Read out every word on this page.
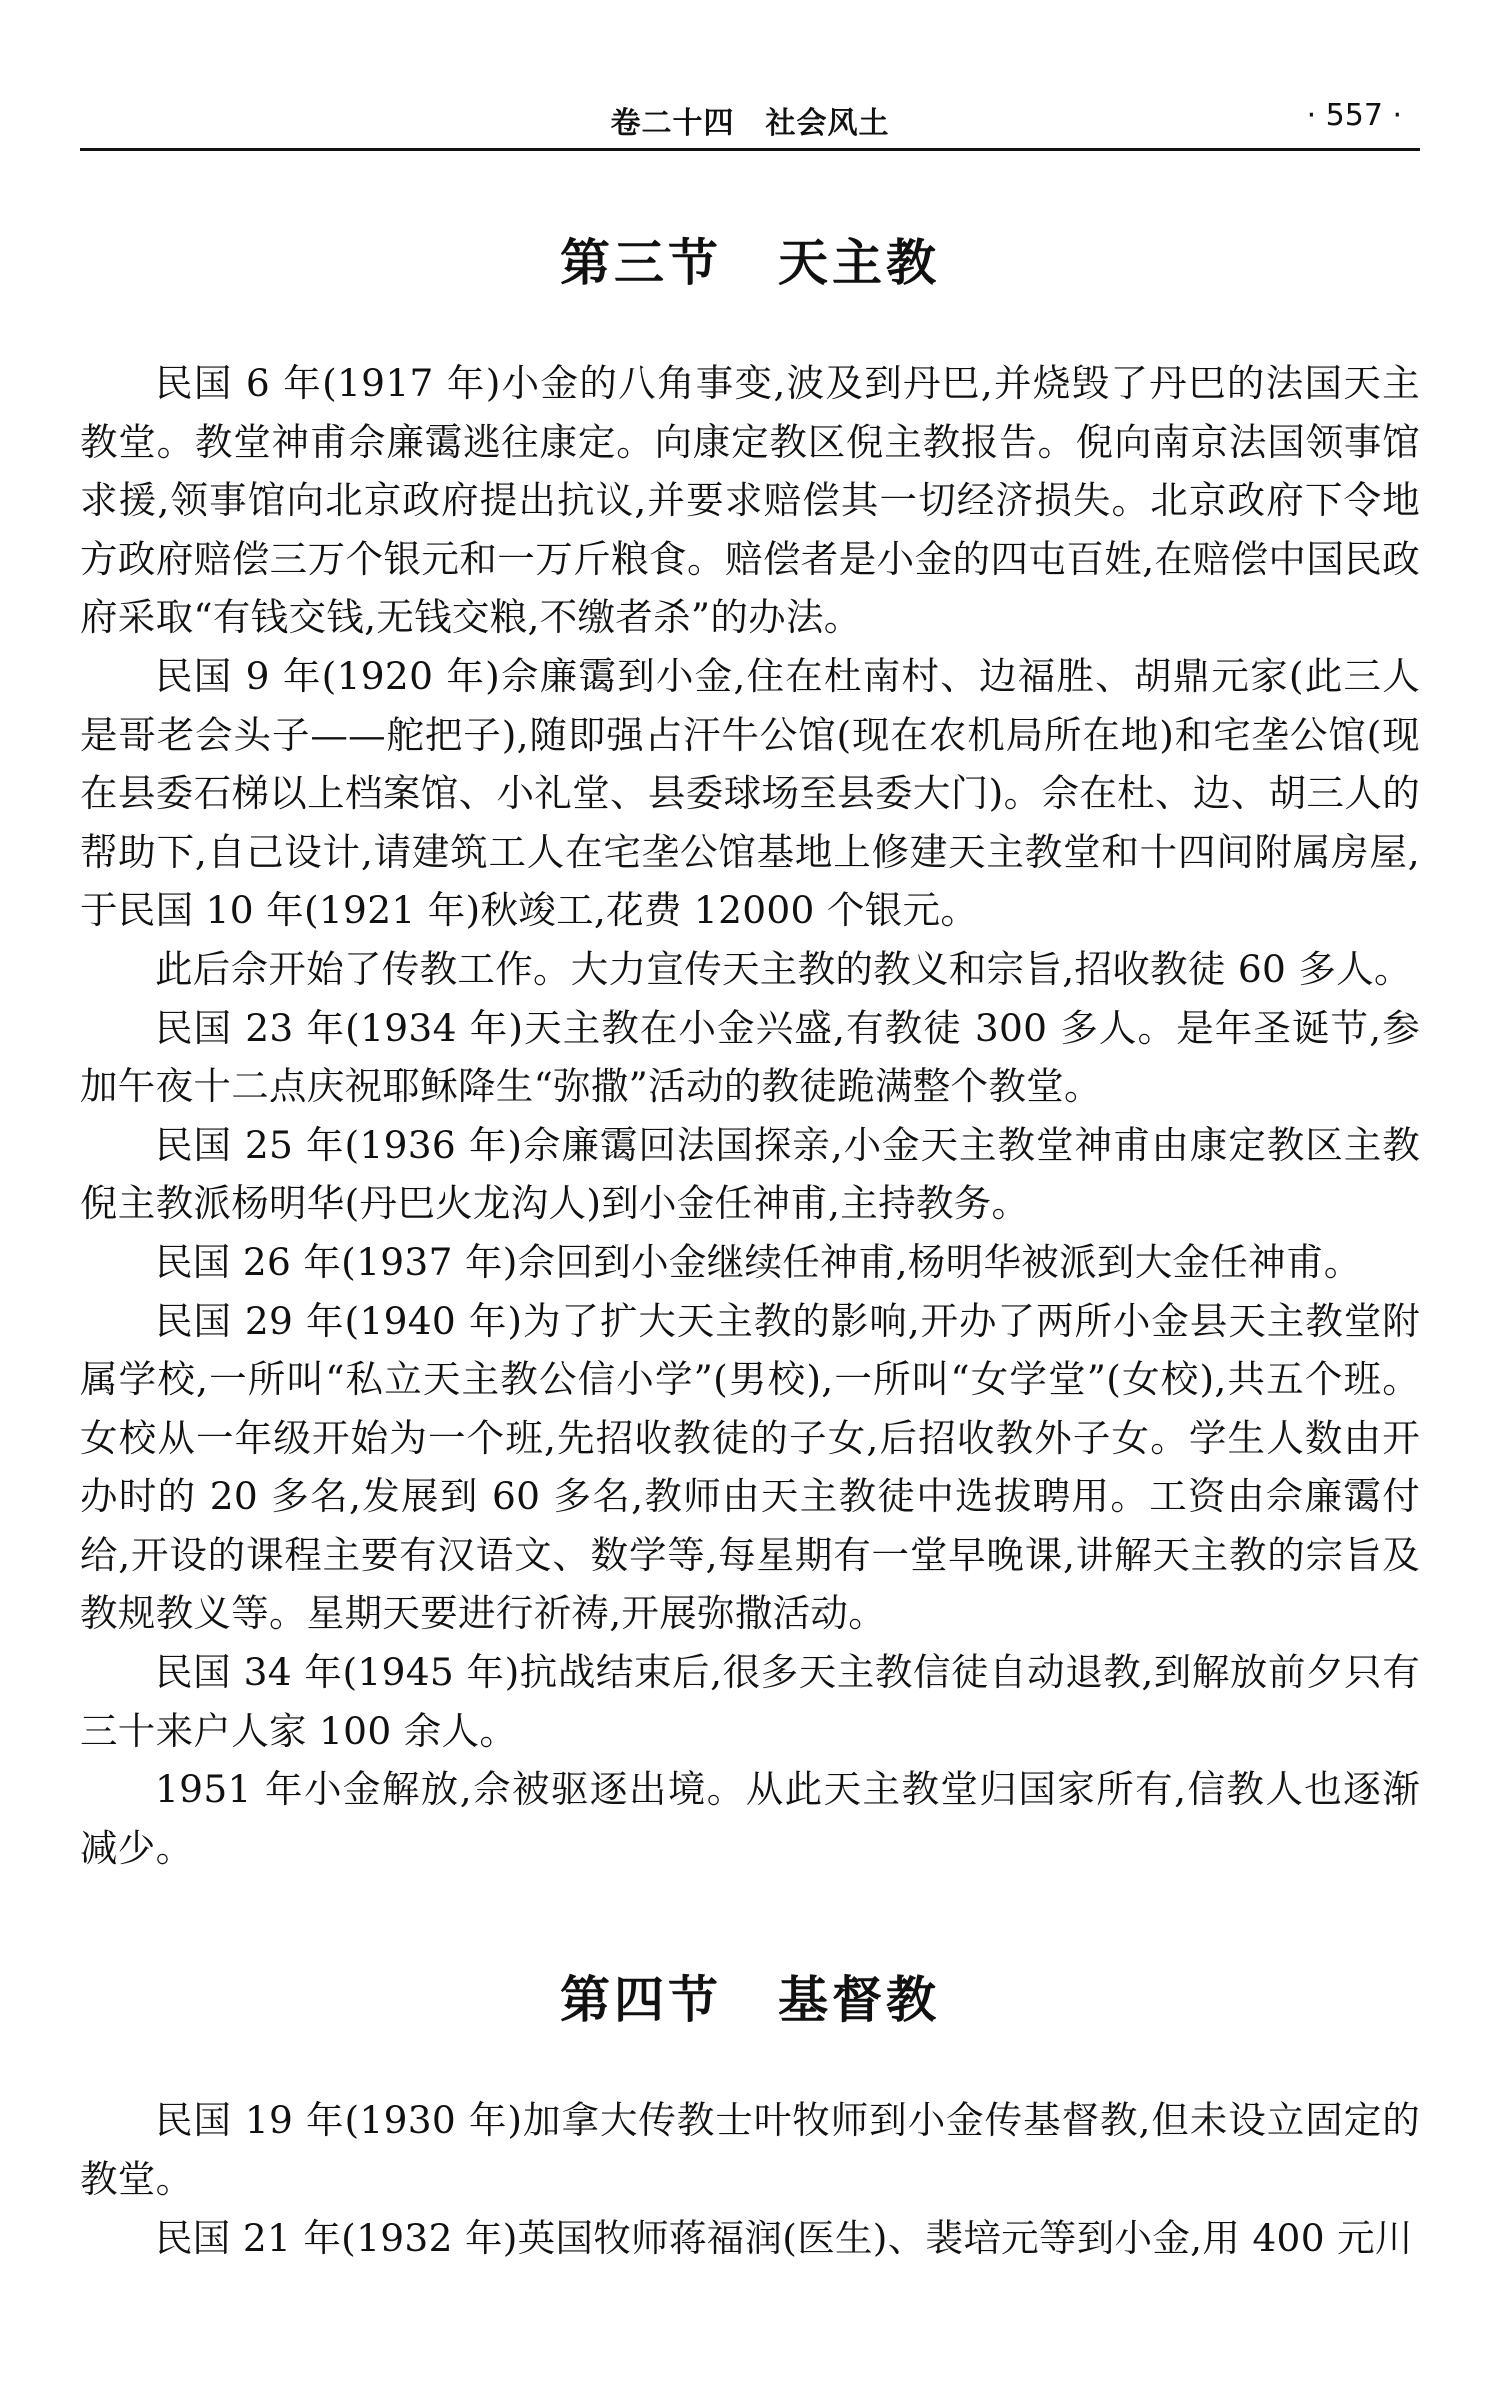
卷二十四　社会风土	· 557 ·
第三节 天主教

民国 6 年(1917 年)小金的八角事变,波及到丹巴,并烧毁了丹巴的法国天主教堂。教堂神甫佘廉霭逃往康定。向康定教区倪主教报告。倪向南京法国领事馆求援,领事馆向北京政府提出抗议,并要求赔偿其一切经济损失。北京政府下令地方政府赔偿三万个银元和一万斤粮食。赔偿者是小金的四屯百姓,在赔偿中国民政府采取“有钱交钱,无钱交粮,不缴者杀”的办法。

民国 9 年(1920 年)佘廉霭到小金,住在杜南村、边福胜、胡鼎元家(此三人是哥老会头子——舵把子),随即强占汗牛公馆(现在农机局所在地)和宅垄公馆(现在县委石梯以上档案馆、小礼堂、县委球场至县委大门)。佘在杜、边、胡三人的帮助下,自己设计,请建筑工人在宅垄公馆基地上修建天主教堂和十四间附属房屋,于民国 10 年(1921 年)秋竣工,花费 12000 个银元。

此后佘开始了传教工作。大力宣传天主教的教义和宗旨,招收教徒 60 多人。

民国 23 年(1934 年)天主教在小金兴盛,有教徒 300 多人。是年圣诞节,参加午夜十二点庆祝耶稣降生“弥撒”活动的教徒跪满整个教堂。

民国 25 年(1936 年)佘廉霭回法国探亲,小金天主教堂神甫由康定教区主教倪主教派杨明华(丹巴火龙沟人)到小金任神甫,主持教务。

民国 26 年(1937 年)佘回到小金继续任神甫,杨明华被派到大金任神甫。

民国 29 年(1940 年)为了扩大天主教的影响,开办了两所小金县天主教堂附属学校,一所叫“私立天主教公信小学”(男校),一所叫“女学堂”(女校),共五个班。女校从一年级开始为一个班,先招收教徒的子女,后招收教外子女。学生人数由开办时的 20 多名,发展到 60 多名,教师由天主教徒中选拔聘用。工资由佘廉霭付给,开设的课程主要有汉语文、数学等,每星期有一堂早晚课,讲解天主教的宗旨及教规教义等。星期天要进行祈祷,开展弥撒活动。

民国 34 年(1945 年)抗战结束后,很多天主教信徒自动退教,到解放前夕只有三十来户人家 100 余人。

1951 年小金解放,佘被驱逐出境。从此天主教堂归国家所有,信教人也逐渐减少。

第四节 基督教

民国 19 年(1930 年)加拿大传教士叶牧师到小金传基督教,但未设立固定的教堂。

民国 21 年(1932 年)英国牧师蒋福润(医生)、裴培元等到小金,用 400 元川
